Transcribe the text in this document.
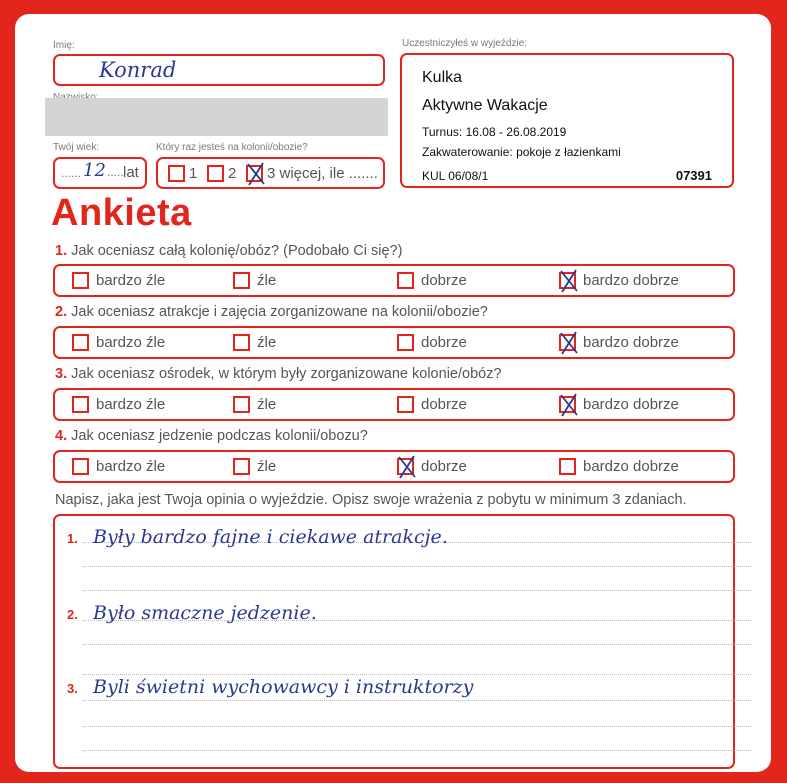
Imię:
Konrad
Twój wiek:
...... 12 ..... lat
Który raz jesteś na kolonii/obozie?
1 2 3 więcej, ile .......
Uczestniczyłeś w wyjeździe:
Kulka
Aktywne Wakacje
Turnus: 16.08 - 26.08.2019
Zakwaterowanie: pokoje z łazienkami
KUL 06/08/1	07391
Ankieta
1. Jak oceniasz całą kolonię/obóz? (Podobało Ci się?)
bardzo źle	źle	dobrze	bardzo dobrze
2. Jak oceniasz atrakcje i zajęcia zorganizowane na kolonii/obozie?
bardzo źle	źle	dobrze	bardzo dobrze
3. Jak oceniasz ośrodek, w którym były zorganizowane kolonie/obóz?
bardzo źle	źle	dobrze	bardzo dobrze
4. Jak oceniasz jedzenie podczas kolonii/obozu?
bardzo źle	źle	dobrze	bardzo dobrze
Napisz, jaka jest Twoja opinia o wyjeździe. Opisz swoje wrażenia z pobytu w minimum 3 zdaniach.
1. Były bardzo fajne i ciekawe atrakcje.
2. Było smaczne jedzenie.
3. Byli świetni wychowawcy i instruktorzy
